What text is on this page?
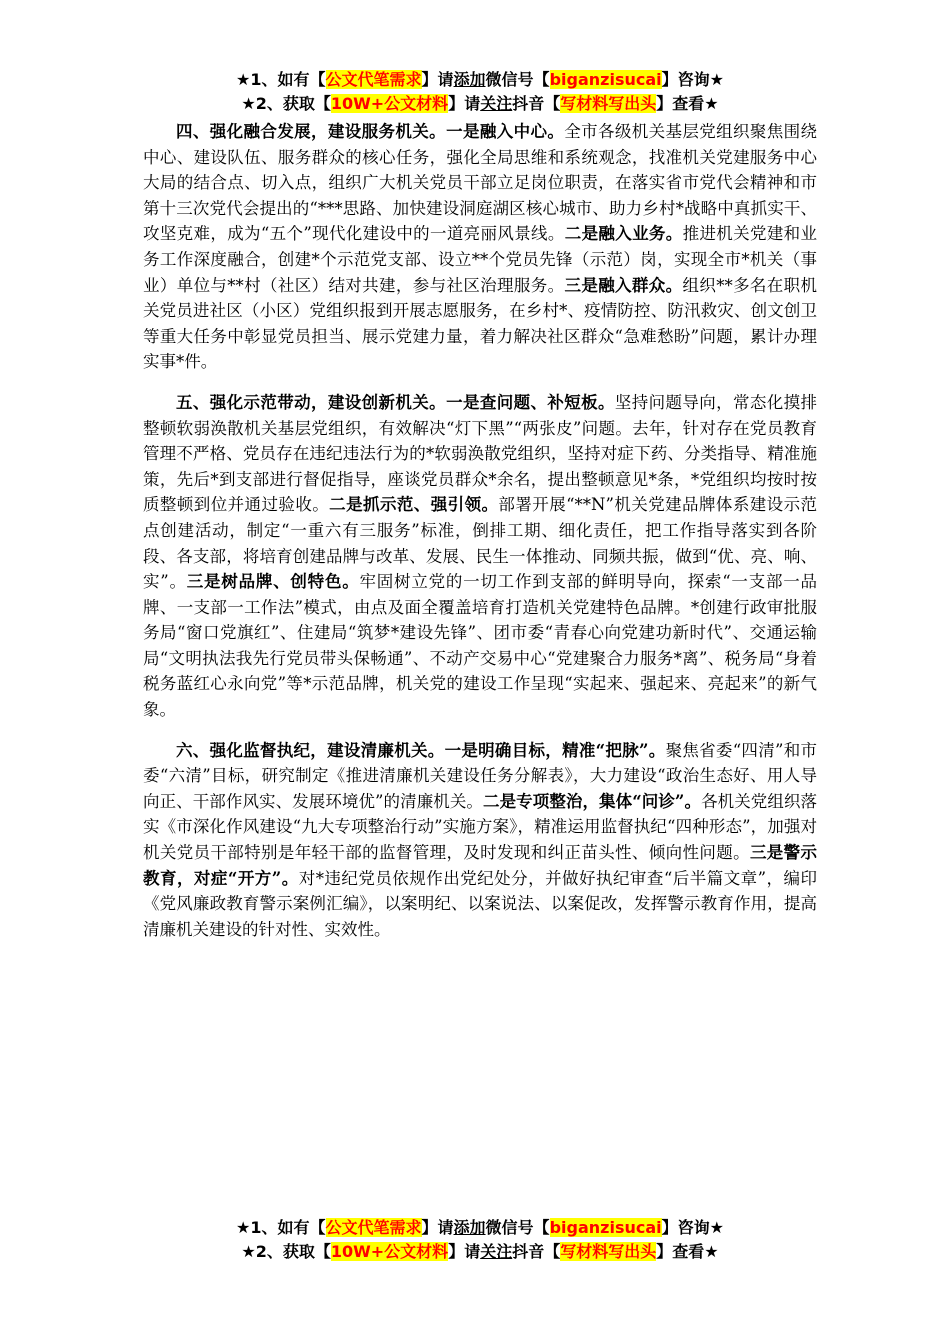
★1、如有【公文代笔需求】请添加微信号【biganzisucai】咨询★
★2、获取【10W+公文材料】请关注抖音【写材料写出头】查看★

四、强化融合发展，建设服务机关。一是融入中心。全市各级机关基层党组织聚焦围绕中心、建设队伍、服务群众的核心任务，强化全局思维和系统观念，找准机关党建服务中心大局的结合点、切入点，组织广大机关党员干部立足岗位职责，在落实省市党代会精神和市第十三次党代会提出的“***思路、加快建设洞庭湖区核心城市、助力乡村*战略中真抓实干、攻坚克难，成为“五个”现代化建设中的一道亮丽风景线。二是融入业务。推进机关党建和业务工作深度融合，创建*个示范党支部、设立**个党员先锋（示范）岗，实现全市*机关（事业）单位与**村（社区）结对共建，参与社区治理服务。三是融入群众。组织**多名在职机关党员进社区（小区）党组织报到开展志愿服务，在乡村*、疫情防控、防汛救灾、创文创卫等重大任务中彰显党员担当、展示党建力量，着力解决社区群众“急难愁盼”问题，累计办理实事*件。

五、强化示范带动，建设创新机关。一是查问题、补短板。坚持问题导向，常态化摸排整顿软弱涣散机关基层党组织，有效解决“灯下黑”“两张皮”问题。去年，针对存在党员教育管理不严格、党员存在违纪违法行为的*软弱涣散党组织，坚持对症下药、分类指导、精准施策，先后*到支部进行督促指导，座谈党员群众*余名，提出整顿意见*条，*党组织均按时按质整顿到位并通过验收。二是抓示范、强引领。部署开展“**N”机关党建品牌体系建设示范点创建活动，制定“一重六有三服务”标准，倒排工期、细化责任，把工作指导落实到各阶段、各支部，将培育创建品牌与改革、发展、民生一体推动、同频共振，做到“优、亮、响、实”。三是树品牌、创特色。牢固树立党的一切工作到支部的鲜明导向，探索“一支部一品牌、一支部一工作法”模式，由点及面全覆盖培育打造机关党建特色品牌。*创建行政审批服务局“窗口党旗红”、住建局“筑梦*建设先锋”、团市委“青春心向党建功新时代”、交通运输局“文明执法我先行党员带头保畅通”、不动产交易中心“党建聚合力服务*离”、税务局“身着税务蓝红心永向党”等*示范品牌，机关党的建设工作呈现“实起来、强起来、亮起来”的新气象。

六、强化监督执纪，建设清廉机关。一是明确目标，精准“把脉”。聚焦省委“四清”和市委“六清”目标，研究制定《推进清廉机关建设任务分解表》，大力建设“政治生态好、用人导向正、干部作风实、发展环境优”的清廉机关。二是专项整治，集体“问诊”。各机关党组织落实《市深化作风建设“九大专项整治行动”实施方案》，精准运用监督执纪“四种形态”，加强对机关党员干部特别是年轻干部的监督管理，及时发现和纠正苗头性、倾向性问题。三是警示教育，对症“开方”。对*违纪党员依规作出党纪处分，并做好执纪审查“后半篇文章”，编印《党风廉政教育警示案例汇编》，以案明纪、以案说法、以案促改，发挥警示教育作用，提高清廉机关建设的针对性、实效性。

★1、如有【公文代笔需求】请添加微信号【biganzisucai】咨询★
★2、获取【10W+公文材料】请关注抖音【写材料写出头】查看★
